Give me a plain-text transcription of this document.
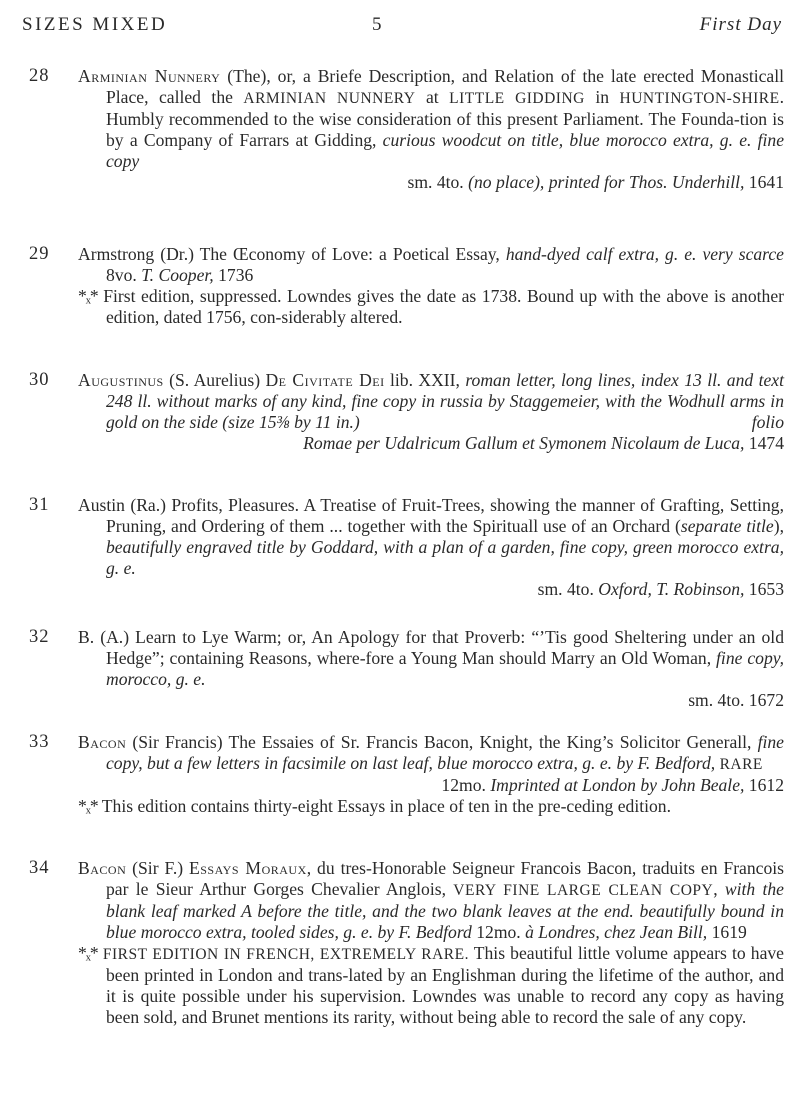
SIZES MIXED	5	First Day
28	Arminian Nunnery (The), or, a Briefe Description, and Relation of the late erected Monasticall Place, called the ARMINIAN NUNNERY at LITTLE GIDDING in HUNTINGTON-SHIRE. Humbly recommended to the wise consideration of this present Parliament. The Founda-tion is by a Company of Farrars at Gidding, curious woodcut on title, blue morocco extra, g. e. fine copy
sm. 4to. (no place), printed for Thos. Underhill, 1641
29	Armstrong (Dr.) The Œconomy of Love: a Poetical Essay, hand-dyed calf extra, g. e. very scarce 8vo. T. Cooper, 1736
*ₓ* First edition, suppressed. Lowndes gives the date as 1738. Bound up with the above is another edition, dated 1756, con-siderably altered.
30	Augustinus (S. Aurelius) De Civitate Dei lib. XXII, roman letter, long lines, index 13 ll. and text 248 ll. without marks of any kind, fine copy in russia by Staggemeier, with the Wodhull arms in gold on the side (size 15⅜ by 11 in.)	folio
Romae per Udalricum Gallum et Symonem Nicolaum de Luca, 1474
31	Austin (Ra.) Profits, Pleasures. A Treatise of Fruit-Trees, showing the manner of Grafting, Setting, Pruning, and Ordering of them ... together with the Spirituall use of an Orchard (separate title), beautifully engraved title by Goddard, with a plan of a garden, fine copy, green morocco extra, g. e.
sm. 4to. Oxford, T. Robinson, 1653
32	B. (A.) Learn to Lye Warm; or, An Apology for that Proverb: “’Tis good Sheltering under an old Hedge”; containing Reasons, where-fore a Young Man should Marry an Old Woman, fine copy, morocco, g. e.
sm. 4to. 1672
33	Bacon (Sir Francis) The Essaies of Sr. Francis Bacon, Knight, the King’s Solicitor Generall, fine copy, but a few letters in facsimile on last leaf, blue morocco extra, g. e. by F. Bedford, RARE
12mo. Imprinted at London by John Beale, 1612
*ₓ* This edition contains thirty-eight Essays in place of ten in the pre-ceding edition.
34	Bacon (Sir F.) Essays Moraux, du tres-Honorable Seigneur Francois Bacon, traduits en Francois par le Sieur Arthur Gorges Chevalier Anglois, VERY FINE LARGE CLEAN COPY, with the blank leaf marked A before the title, and the two blank leaves at the end. beautifully bound in blue morocco extra, tooled sides, g. e. by F. Bedford 12mo. à Londres, chez Jean Bill, 1619
*ₓ* FIRST EDITION IN FRENCH, EXTREMELY RARE. This beautiful little volume appears to have been printed in London and trans-lated by an Englishman during the lifetime of the author, and it is quite possible under his supervision. Lowndes was unable to record any copy as having been sold, and Brunet mentions its rarity, without being able to record the sale of any copy.
